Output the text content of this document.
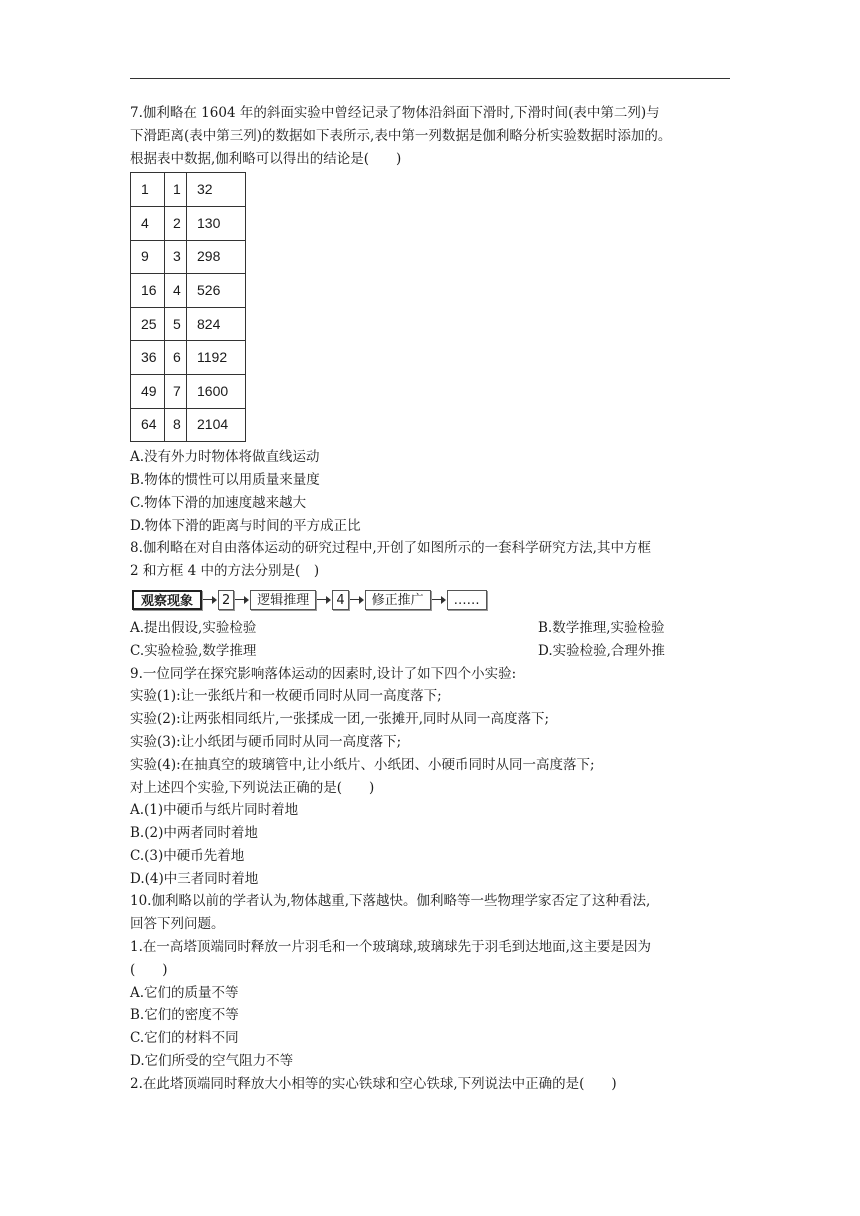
7.伽利略在 1604 年的斜面实验中曾经记录了物体沿斜面下滑时,下滑时间(表中第二列)与
下滑距离(表中第三列)的数据如下表所示,表中第一列数据是伽利略分析实验数据时添加的。
根据表中数据,伽利略可以得出的结论是(　　)
1	1	32
4	2	130
9	3	298
16	4	526
25	5	824
36	6	1192
49	7	1600
64	8	2104
A.没有外力时物体将做直线运动
B.物体的惯性可以用质量来量度
C.物体下滑的加速度越来越大
D.物体下滑的距离与时间的平方成正比
8.伽利略在对自由落体运动的研究过程中,开创了如图所示的一套科学研究方法,其中方框
2 和方框 4 中的方法分别是(　)
观察现象	2	逻辑推理	4	修正推广	……
A.提出假设,实验检验	B.数学推理,实验检验
C.实验检验,数学推理	D.实验检验,合理外推
9.一位同学在探究影响落体运动的因素时,设计了如下四个小实验:
实验(1):让一张纸片和一枚硬币同时从同一高度落下;
实验(2):让两张相同纸片,一张揉成一团,一张摊开,同时从同一高度落下;
实验(3):让小纸团与硬币同时从同一高度落下;
实验(4):在抽真空的玻璃管中,让小纸片、小纸团、小硬币同时从同一高度落下;
对上述四个实验,下列说法正确的是(　　)
A.(1)中硬币与纸片同时着地
B.(2)中两者同时着地
C.(3)中硬币先着地
D.(4)中三者同时着地
10.伽利略以前的学者认为,物体越重,下落越快。伽利略等一些物理学家否定了这种看法,
回答下列问题。
1.在一高塔顶端同时释放一片羽毛和一个玻璃球,玻璃球先于羽毛到达地面,这主要是因为
(　　)
A.它们的质量不等
B.它们的密度不等
C.它们的材料不同
D.它们所受的空气阻力不等
2.在此塔顶端同时释放大小相等的实心铁球和空心铁球,下列说法中正确的是(　　)
